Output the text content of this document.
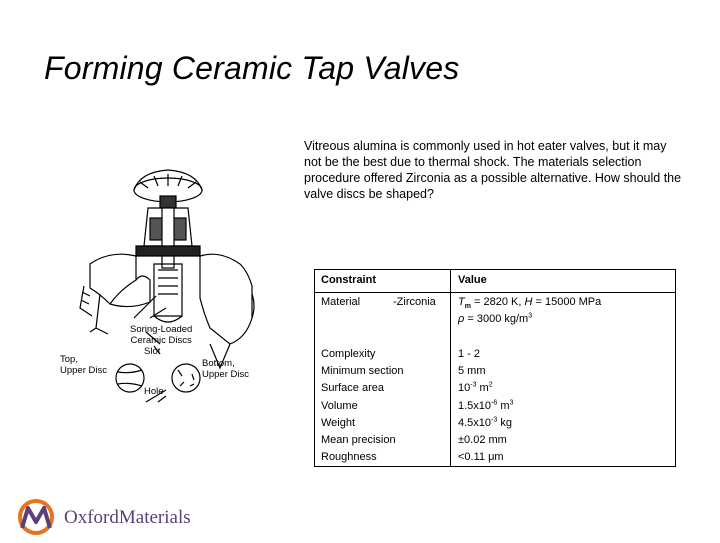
Forming Ceramic Tap Valves
Vitreous alumina is commonly used in hot eater valves, but it may not be the best due to thermal shock. The materials selection procedure offered Zirconia as a possible alternative. How should the valve discs be shaped?
Soring-Loaded
Ceramic Discs
Slot
Top,
Upper Disc
Bottom,
Upper Disc
Hole
Constraint	Value
Material	-Zirconia $T_m = 2820$ K, H = 15000 MPa
ρ = 3000 $kg/m^3$
Complexity
Minimum section
Surface area
Volume
Weight
Mean precision
Roughness
1 - 2
5 mm
$10^{-3}$ $m^2$
$1.5x10^{-6}$ $m^3$
$4.5x10^{-3}$ kg
±0.02 mm
<0.11 μm
OxfordMaterials
